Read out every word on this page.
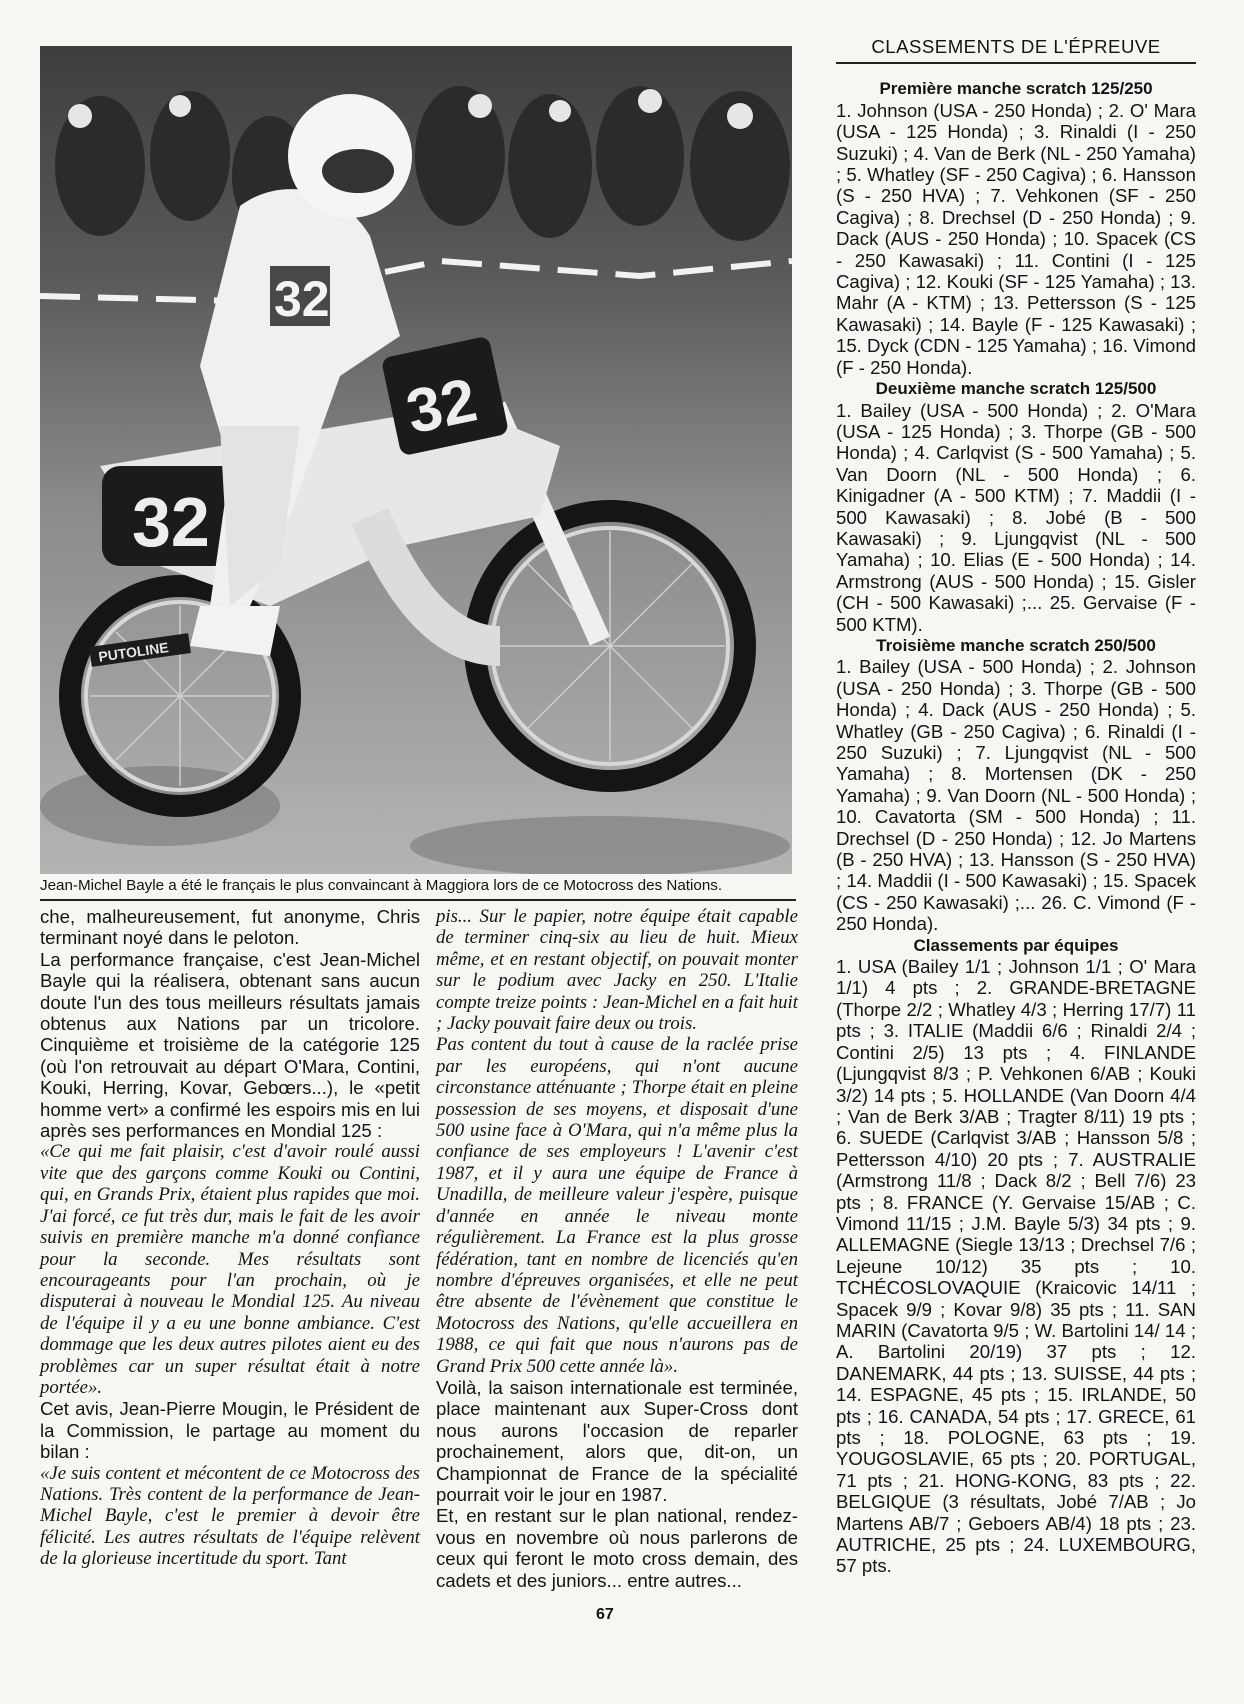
32
32
32
PUTOLINE
Jean-Michel Bayle a été le français le plus convaincant à Maggiora lors de ce Motocross des Nations.

che, malheureusement, fut anonyme, Chris terminant noyé dans le peloton.

La performance française, c'est Jean-Michel Bayle qui la réalisera, obtenant sans aucun doute l'un des tous meilleurs résultats jamais obtenus aux Nations par un tricolore. Cinquième et troisième de la catégorie 125 (où l'on retrouvait au départ O'Mara, Contini, Kouki, Herring, Kovar, Gebœrs...), le «petit homme vert» a confirmé les espoirs mis en lui après ses performances en Mondial 125 :

«Ce qui me fait plaisir, c'est d'avoir roulé aussi vite que des garçons comme Kouki ou Contini, qui, en Grands Prix, étaient plus rapides que moi. J'ai forcé, ce fut très dur, mais le fait de les avoir suivis en première manche m'a donné confiance pour la seconde. Mes résultats sont encourageants pour l'an prochain, où je disputerai à nouveau le Mondial 125. Au niveau de l'équipe il y a eu une bonne ambiance. C'est dommage que les deux autres pilotes aient eu des problèmes car un super résultat était à notre portée».

Cet avis, Jean-Pierre Mougin, le Président de la Commission, le partage au moment du bilan :

«Je suis content et mécontent de ce Motocross des Nations. Très content de la performance de Jean-Michel Bayle, c'est le premier à devoir être félicité. Les autres résultats de l'équipe relèvent de la glorieuse incertitude du sport. Tant

pis... Sur le papier, notre équipe était capable de terminer cinq-six au lieu de huit. Mieux même, et en restant objectif, on pouvait monter sur le podium avec Jacky en 250. L'Italie compte treize points : Jean-Michel en a fait huit ; Jacky pouvait faire deux ou trois.

Pas content du tout à cause de la raclée prise par les européens, qui n'ont aucune circonstance atténuante ; Thorpe était en pleine possession de ses moyens, et disposait d'une 500 usine face à O'Mara, qui n'a même plus la confiance de ses employeurs ! L'avenir c'est 1987, et il y aura une équipe de France à Unadilla, de meilleure valeur j'espère, puisque d'année en année le niveau monte régulièrement. La France est la plus grosse fédération, tant en nombre de licenciés qu'en nombre d'épreuves organisées, et elle ne peut être absente de l'évènement que constitue le Motocross des Nations, qu'elle accueillera en 1988, ce qui fait que nous n'aurons pas de Grand Prix 500 cette année là».

Voilà, la saison internationale est terminée, place maintenant aux Super-Cross dont nous aurons l'occasion de reparler prochainement, alors que, dit-on, un Championnat de France de la spécialité pourrait voir le jour en 1987.

Et, en restant sur le plan national, rendez-vous en novembre où nous parlerons de ceux qui feront le moto cross demain, des cadets et des juniors... entre autres...

CLASSEMENTS DE L'ÉPREUVE

Première manche scratch 125/250

1. Johnson (USA - 250 Honda) ; 2. O' Mara (USA - 125 Honda) ; 3. Rinaldi (I - 250 Suzuki) ; 4. Van de Berk (NL - 250 Yamaha) ; 5. Whatley (SF - 250 Cagiva) ; 6. Hansson (S - 250 HVA) ; 7. Vehkonen (SF - 250 Cagiva) ; 8. Drechsel (D - 250 Honda) ; 9. Dack (AUS - 250 Honda) ; 10. Spacek (CS - 250 Kawasaki) ; 11. Contini (I - 125 Cagiva) ; 12. Kouki (SF - 125 Yamaha) ; 13. Mahr (A - KTM) ; 13. Pettersson (S - 125 Kawasaki) ; 14. Bayle (F - 125 Kawasaki) ; 15. Dyck (CDN - 125 Yamaha) ; 16. Vimond (F - 250 Honda).

Deuxième manche scratch 125/500

1. Bailey (USA - 500 Honda) ; 2. O'Mara (USA - 125 Honda) ; 3. Thorpe (GB - 500 Honda) ; 4. Carlqvist (S - 500 Yamaha) ; 5. Van Doorn (NL - 500 Honda) ; 6. Kinigadner (A - 500 KTM) ; 7. Maddii (I - 500 Kawasaki) ; 8. Jobé (B - 500 Kawasaki) ; 9. Ljungqvist (NL - 500 Yamaha) ; 10. Elias (E - 500 Honda) ; 14. Armstrong (AUS - 500 Honda) ; 15. Gisler (CH - 500 Kawasaki) ;... 25. Gervaise (F - 500 KTM).

Troisième manche scratch 250/500

1. Bailey (USA - 500 Honda) ; 2. Johnson (USA - 250 Honda) ; 3. Thorpe (GB - 500 Honda) ; 4. Dack (AUS - 250 Honda) ; 5. Whatley (GB - 250 Cagiva) ; 6. Rinaldi (I - 250 Suzuki) ; 7. Ljungqvist (NL - 500 Yamaha) ; 8. Mortensen (DK - 250 Yamaha) ; 9. Van Doorn (NL - 500 Honda) ; 10. Cavatorta (SM - 500 Honda) ; 11. Drechsel (D - 250 Honda) ; 12. Jo Martens (B - 250 HVA) ; 13. Hansson (S - 250 HVA) ; 14. Maddii (I - 500 Kawasaki) ; 15. Spacek (CS - 250 Kawasaki) ;... 26. C. Vimond (F - 250 Honda).

Classements par équipes

1. USA (Bailey 1/1 ; Johnson 1/1 ; O' Mara 1/1) 4 pts ; 2. GRANDE-BRETAGNE (Thorpe 2/2 ; Whatley 4/3 ; Herring 17/7) 11 pts ; 3. ITALIE (Maddii 6/6 ; Rinaldi 2/4 ; Contini 2/5) 13 pts ; 4. FINLANDE (Ljungqvist 8/3 ; P. Vehkonen 6/AB ; Kouki 3/2) 14 pts ; 5. HOLLANDE (Van Doorn 4/4 ; Van de Berk 3/AB ; Tragter 8/11) 19 pts ; 6. SUEDE (Carlqvist 3/AB ; Hansson 5/8 ; Pettersson 4/10) 20 pts ; 7. AUSTRALIE (Armstrong 11/8 ; Dack 8/2 ; Bell 7/6) 23 pts ; 8. FRANCE (Y. Gervaise 15/AB ; C. Vimond 11/15 ; J.M. Bayle 5/3) 34 pts ; 9. ALLEMAGNE (Siegle 13/13 ; Drechsel 7/6 ; Lejeune 10/12) 35 pts ; 10. TCHÉCOSLOVAQUIE (Kraicovic 14/11 ; Spacek 9/9 ; Kovar 9/8) 35 pts ; 11. SAN MARIN (Cavatorta 9/5 ; W. Bartolini 14/ 14 ; A. Bartolini 20/19) 37 pts ; 12. DANEMARK, 44 pts ; 13. SUISSE, 44 pts ; 14. ESPAGNE, 45 pts ; 15. IRLANDE, 50 pts ; 16. CANADA, 54 pts ; 17. GRECE, 61 pts ; 18. POLOGNE, 63 pts ; 19. YOUGOSLAVIE, 65 pts ; 20. PORTUGAL, 71 pts ; 21. HONG-KONG, 83 pts ; 22. BELGIQUE (3 résultats, Jobé 7/AB ; Jo Martens AB/7 ; Geboers AB/4) 18 pts ; 23. AUTRICHE, 25 pts ; 24. LUXEMBOURG, 57 pts.

67
